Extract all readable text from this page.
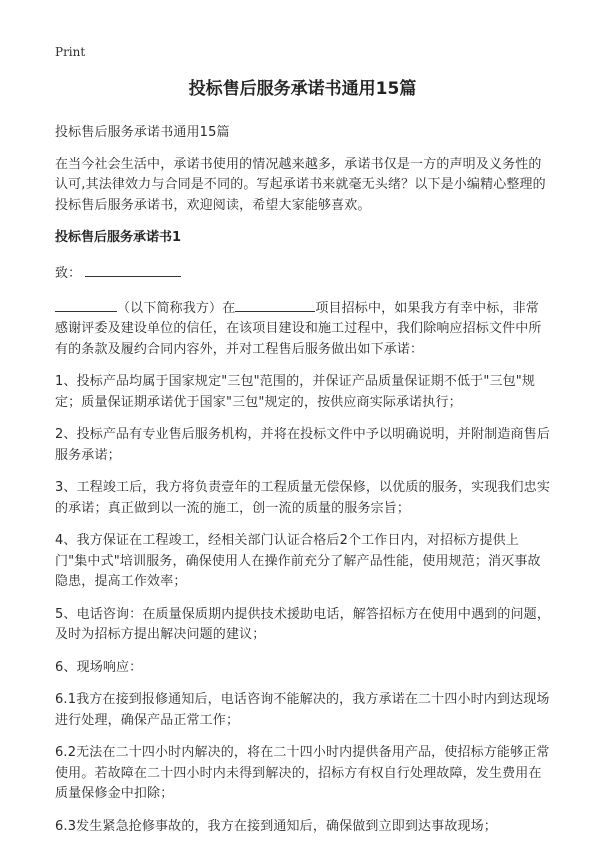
Print
投标售后服务承诺书通用15篇
投标售后服务承诺书通用15篇
在当今社会生活中，承诺书使用的情况越来越多，承诺书仅是一方的声明及义务性的认可,其法律效力与合同是不同的。写起承诺书来就毫无头绪？以下是小编精心整理的投标售后服务承诺书，欢迎阅读，希望大家能够喜欢。
投标售后服务承诺书1
致：
（以下简称我方）在	项目招标中，如果我方有幸中标，非常感谢评委及建设单位的信任，在该项目建设和施工过程中，我们除响应招标文件中所有的条款及履约合同内容外，并对工程售后服务做出如下承诺：
1、投标产品均属于国家规定"三包"范围的，并保证产品质量保证期不低于"三包"规定；质量保证期承诺优于国家"三包"规定的，按供应商实际承诺执行；
2、投标产品有专业售后服务机构，并将在投标文件中予以明确说明，并附制造商售后服务承诺；
3、工程竣工后，我方将负责壹年的工程质量无偿保修，以优质的服务，实现我们忠实的承诺；真正做到以一流的施工，创一流的质量的服务宗旨；
4、我方保证在工程竣工，经相关部门认证合格后2个工作日内，对招标方提供上门"集中式"培训服务，确保使用人在操作前充分了解产品性能，使用规范；消灭事故隐患，提高工作效率；
5、电话咨询：在质量保质期内提供技术援助电话，解答招标方在使用中遇到的问题，及时为招标方提出解决问题的建议；
6、现场响应：
6.1我方在接到报修通知后，电话咨询不能解决的，我方承诺在二十四小时内到达现场进行处理，确保产品正常工作；
6.2无法在二十四小时内解决的，将在二十四小时内提供备用产品，使招标方能够正常使用。若故障在二十四小时内未得到解决的，招标方有权自行处理故障，发生费用在质量保修金中扣除；
6.3发生紧急抢修事故的，我方在接到通知后，确保做到立即到达事故现场；
